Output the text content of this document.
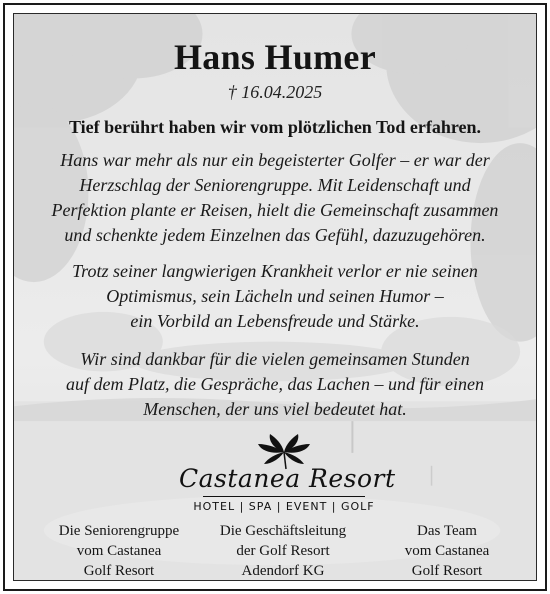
Hans Humer
† 16.04.2025
Tief berührt haben wir vom plötzlichen Tod erfahren.
Hans war mehr als nur ein begeisterter Golfer – er war der
Herzschlag der Seniorengruppe. Mit Leidenschaft und
Perfektion plante er Reisen, hielt die Gemeinschaft zusammen
und schenkte jedem Einzelnen das Gefühl, dazuzugehören.
Trotz seiner langwierigen Krankheit verlor er nie seinen
Optimismus, sein Lächeln und seinen Humor –
ein Vorbild an Lebensfreude und Stärke.
Wir sind dankbar für die vielen gemeinsamen Stunden
auf dem Platz, die Gespräche, das Lachen – und für einen
Menschen, der uns viel bedeutet hat.
Castanea Resort
HOTEL | SPA | EVENT | GOLF
Die Seniorengruppe
vom Castanea
Golf Resort
Die Geschäftsleitung
der Golf Resort
Adendorf KG
Das Team
vom Castanea
Golf Resort
